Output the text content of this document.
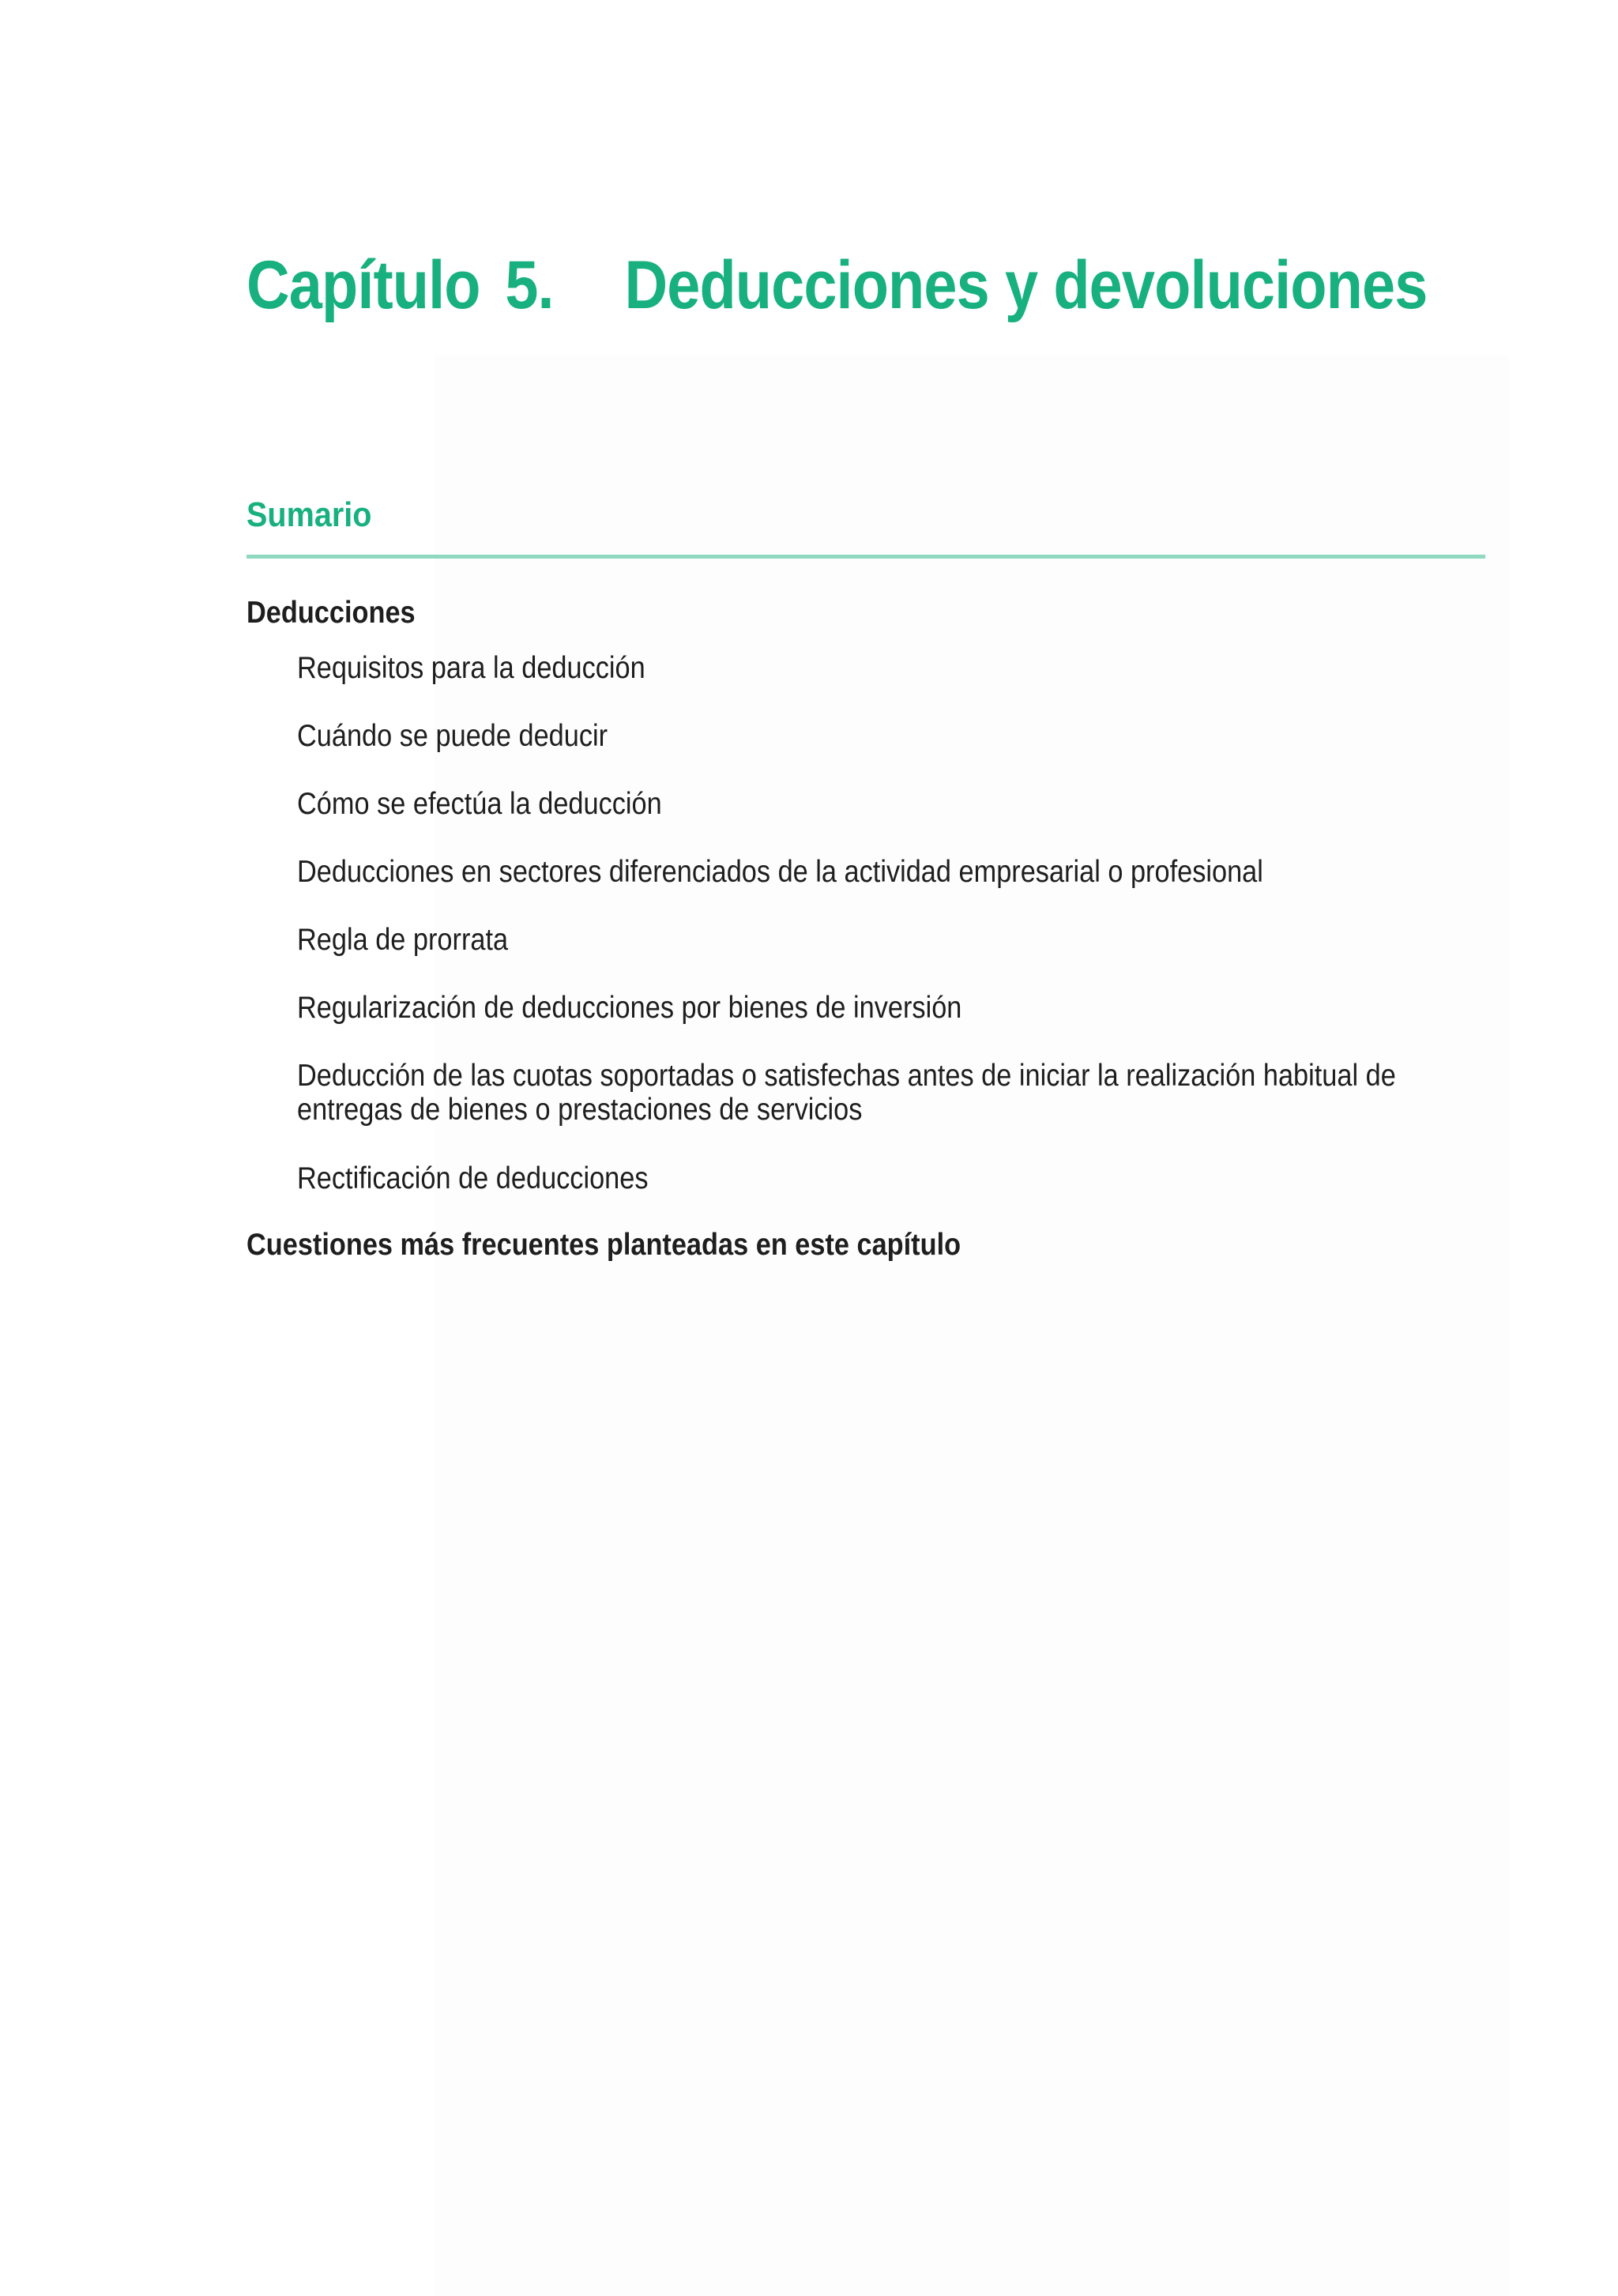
Capítulo 5. Deducciones y devoluciones
Sumario
Deducciones
Requisitos para la deducción
Cuándo se puede deducir
Cómo se efectúa la deducción
Deducciones en sectores diferenciados de la actividad empresarial o profesional
Regla de prorrata
Regularización de deducciones por bienes de inversión
Deducción de las cuotas soportadas o satisfechas antes de iniciar la realización habitual de entregas de bienes o prestaciones de servicios
Rectificación de deducciones
Cuestiones más frecuentes planteadas en este capítulo
